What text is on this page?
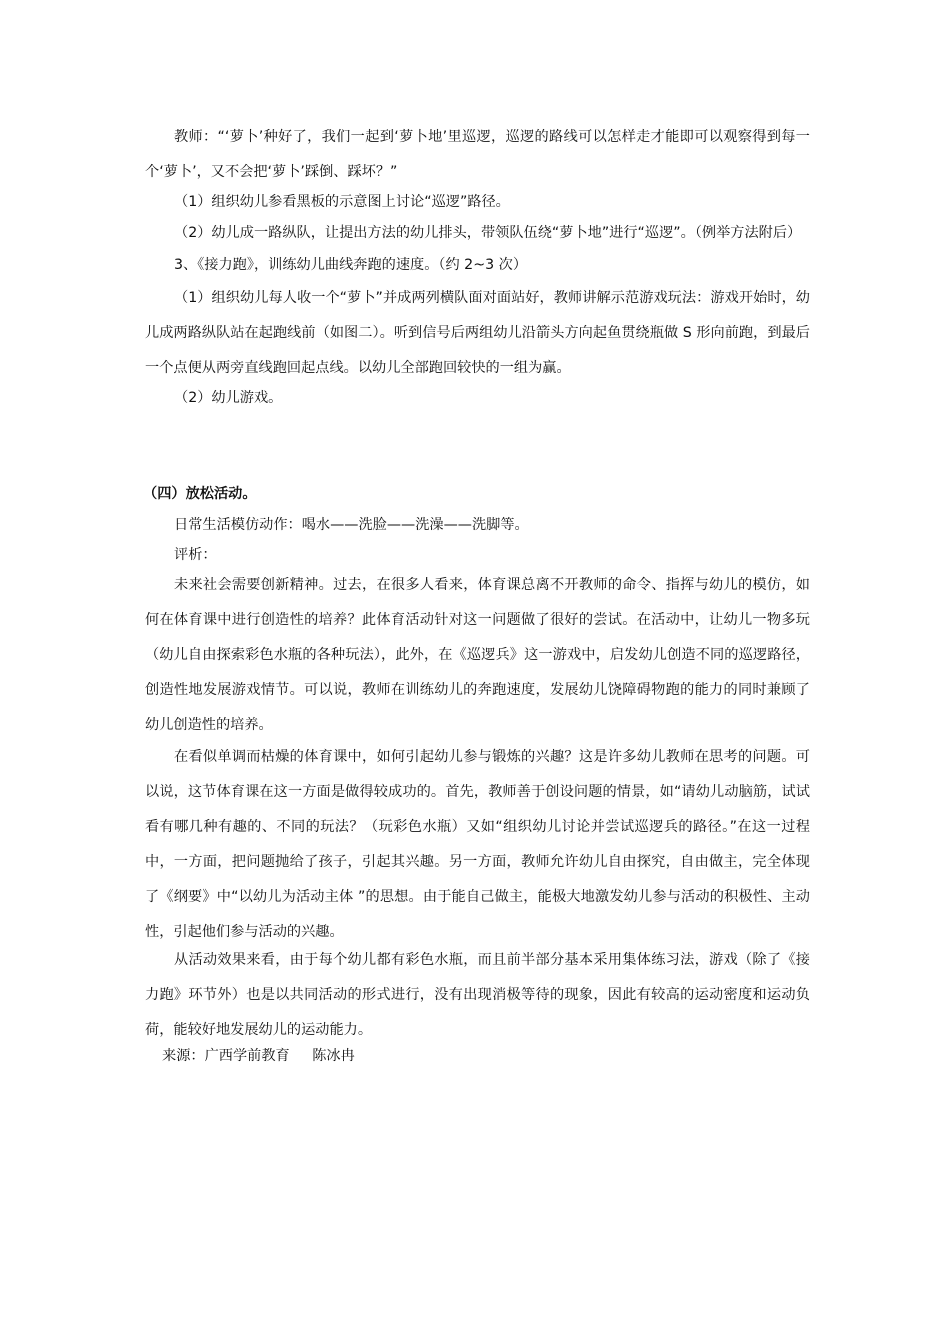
教师：“‘萝卜’种好了，我们一起到‘萝卜地’里巡逻，巡逻的路线可以怎样走才能即可以观察得到每一个‘萝卜’，又不会把‘萝卜’踩倒、踩坏？”

（1）组织幼儿参看黑板的示意图上讨论“巡逻”路径。

（2）幼儿成一路纵队，让提出方法的幼儿排头，带领队伍绕“萝卜地”进行“巡逻”。（例举方法附后）

3、《接力跑》，训练幼儿曲线奔跑的速度。（约 2~3 次）

（1）组织幼儿每人收一个“萝卜”并成两列横队面对面站好，教师讲解示范游戏玩法：游戏开始时，幼儿成两路纵队站在起跑线前（如图二）。听到信号后两组幼儿沿箭头方向起鱼贯绕瓶做 S 形向前跑，到最后一个点便从两旁直线跑回起点线。以幼儿全部跑回较快的一组为赢。

（2）幼儿游戏。

（四）放松活动。

日常生活模仿动作：喝水——洗脸——洗澡——洗脚等。

评析：

未来社会需要创新精神。过去，在很多人看来，体育课总离不开教师的命令、指挥与幼儿的模仿，如何在体育课中进行创造性的培养？此体育活动针对这一问题做了很好的尝试。在活动中，让幼儿一物多玩（幼儿自由探索彩色水瓶的各种玩法），此外，在《巡逻兵》这一游戏中，启发幼儿创造不同的巡逻路径，创造性地发展游戏情节。可以说，教师在训练幼儿的奔跑速度，发展幼儿饶障碍物跑的能力的同时兼顾了幼儿创造性的培养。

在看似单调而枯燥的体育课中，如何引起幼儿参与锻炼的兴趣？这是许多幼儿教师在思考的问题。可以说，这节体育课在这一方面是做得较成功的。首先，教师善于创设问题的情景，如“请幼儿动脑筋，试试看有哪几种有趣的、不同的玩法？（玩彩色水瓶）又如“组织幼儿讨论并尝试巡逻兵的路径。”在这一过程中，一方面，把问题抛给了孩子，引起其兴趣。另一方面，教师允许幼儿自由探究，自由做主，完全体现了《纲要》中“以幼儿为活动主体 ”的思想。由于能自己做主，能极大地激发幼儿参与活动的积极性、主动性，引起他们参与活动的兴趣。

从活动效果来看，由于每个幼儿都有彩色水瓶，而且前半部分基本采用集体练习法，游戏（除了《接力跑》环节外）也是以共同活动的形式进行，没有出现消极等待的现象，因此有较高的运动密度和运动负荷，能较好地发展幼儿的运动能力。

来源：广西学前教育     陈冰冉
